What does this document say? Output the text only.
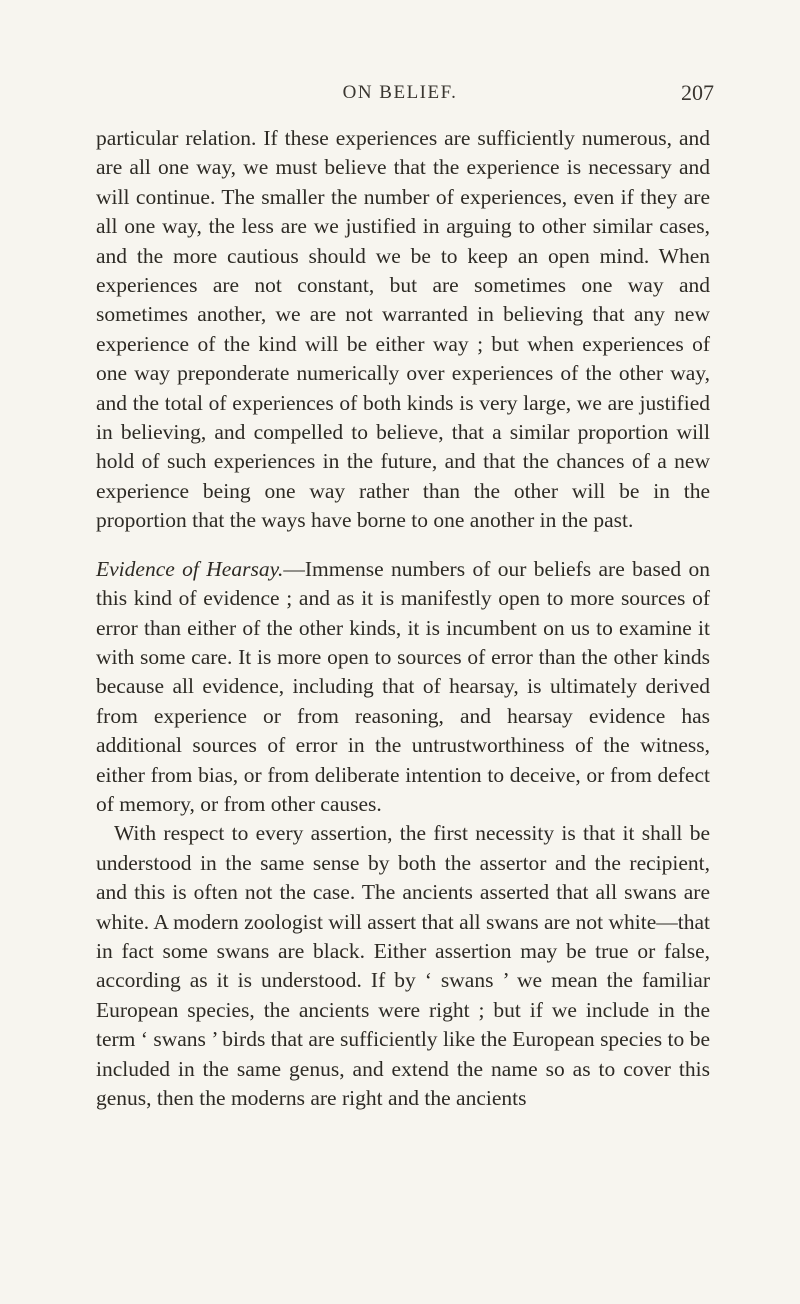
ON BELIEF.	207

particular relation. If these experiences are sufficiently numerous, and are all one way, we must believe that the experience is necessary and will continue. The smaller the number of experiences, even if they are all one way, the less are we justified in arguing to other similar cases, and the more cautious should we be to keep an open mind. When experiences are not constant, but are sometimes one way and sometimes another, we are not warranted in believing that any new experience of the kind will be either way ; but when experiences of one way preponderate numerically over experiences of the other way, and the total of experiences of both kinds is very large, we are justified in believing, and compelled to believe, that a similar proportion will hold of such experiences in the future, and that the chances of a new experience being one way rather than the other will be in the proportion that the ways have borne to one another in the past.

Evidence of Hearsay.—Immense numbers of our beliefs are based on this kind of evidence ; and as it is manifestly open to more sources of error than either of the other kinds, it is incumbent on us to examine it with some care. It is more open to sources of error than the other kinds because all evidence, including that of hearsay, is ultimately derived from experience or from reasoning, and hearsay evidence has additional sources of error in the untrustworthiness of the witness, either from bias, or from deliberate intention to deceive, or from defect of memory, or from other causes.

With respect to every assertion, the first necessity is that it shall be understood in the same sense by both the assertor and the recipient, and this is often not the case. The ancients asserted that all swans are white. A modern zoologist will assert that all swans are not white—that in fact some swans are black. Either assertion may be true or false, according as it is understood. If by ‘ swans ’ we mean the familiar European species, the ancients were right ; but if we include in the term ‘ swans ’ birds that are sufficiently like the European species to be included in the same genus, and extend the name so as to cover this genus, then the moderns are right and the ancients
